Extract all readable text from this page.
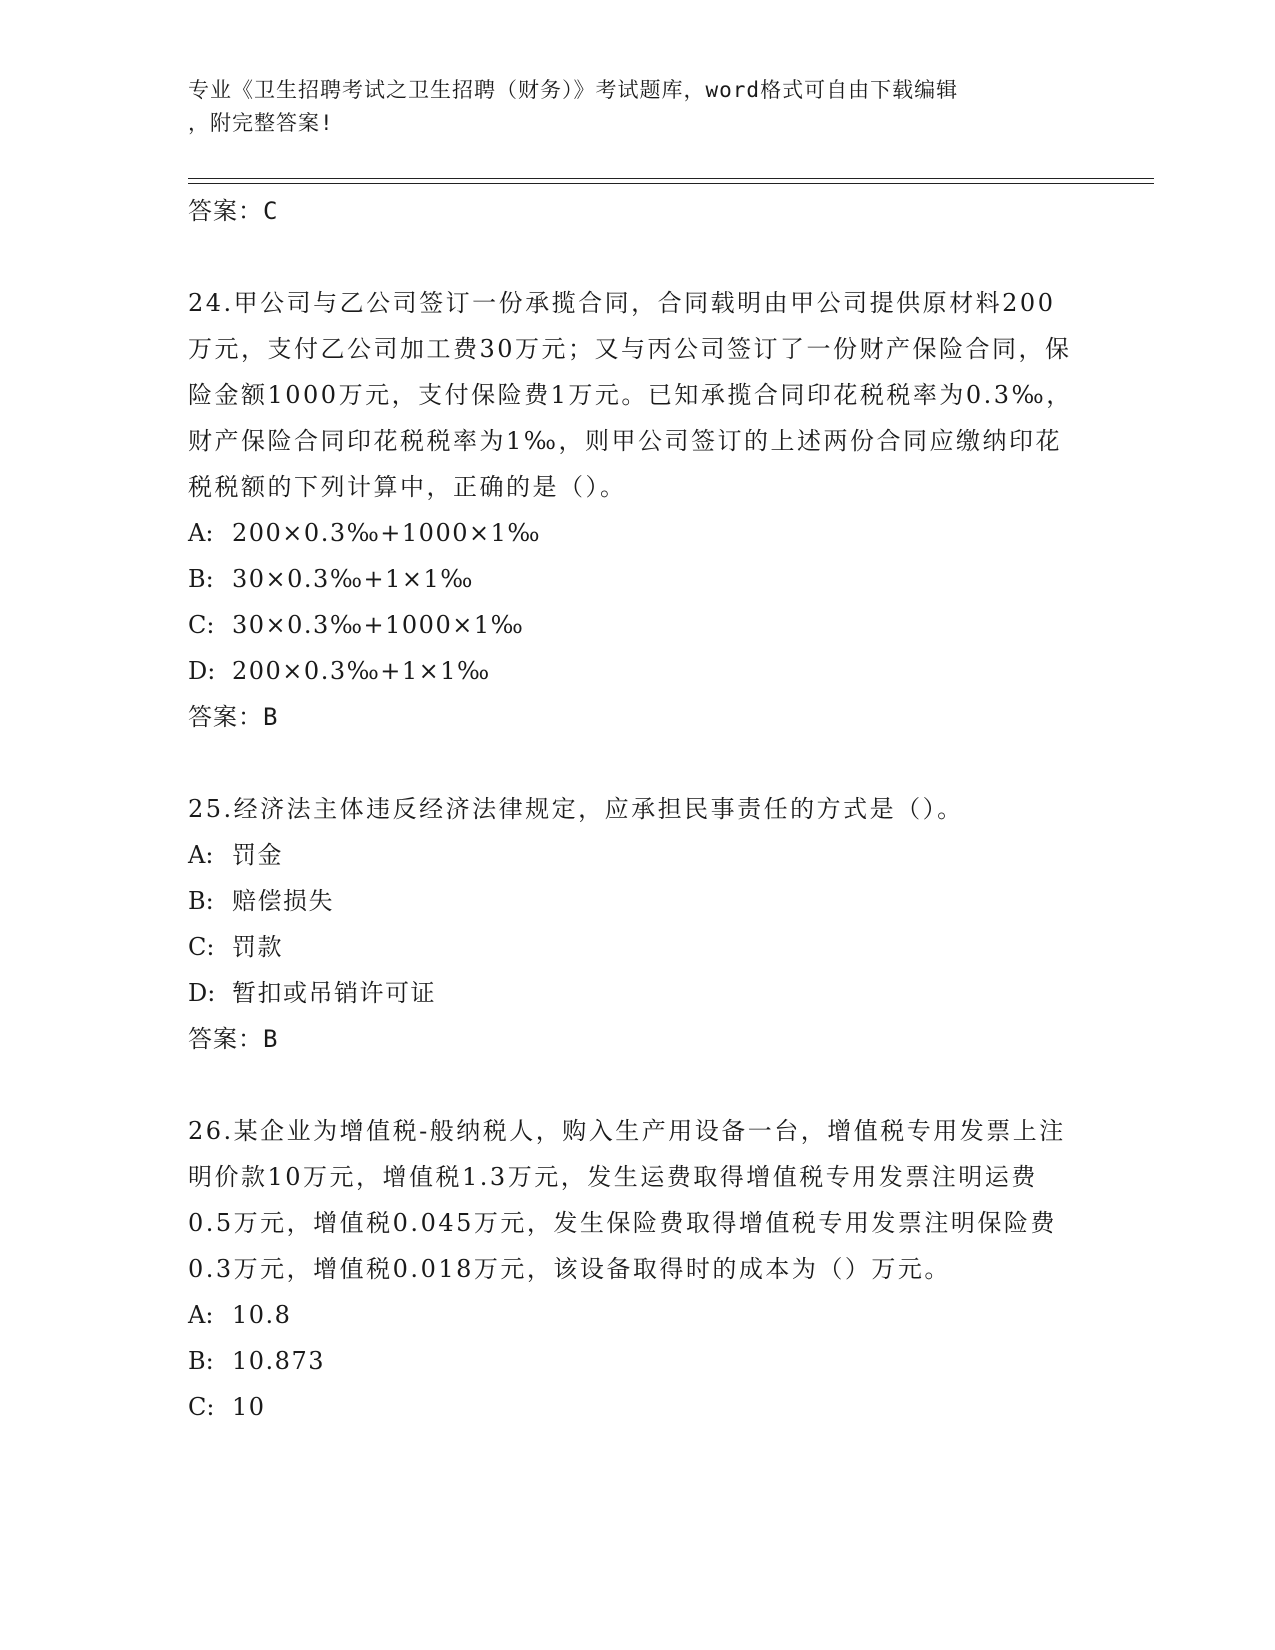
专业《卫生招聘考试之卫生招聘（财务）》考试题库，word格式可自由下载编辑
，附完整答案!
答案：C
24.甲公司与乙公司签订一份承揽合同，合同载明由甲公司提供原材料200万元，支付乙公司加工费30万元；又与丙公司签订了一份财产保险合同，保险金额1000万元，支付保险费1万元。已知承揽合同印花税税率为0.3‰，财产保险合同印花税税率为1‰，则甲公司签订的上述两份合同应缴纳印花税税额的下列计算中，正确的是（）。
A: 200×0.3‰+1000×1‰
B: 30×0.3‰+1×1‰
C: 30×0.3‰+1000×1‰
D: 200×0.3‰+1×1‰
答案：B
25.经济法主体违反经济法律规定，应承担民事责任的方式是（）。
A: 罚金
B: 赔偿损失
C: 罚款
D: 暂扣或吊销许可证
答案：B
26.某企业为增值税-般纳税人，购入生产用设备一台，增值税专用发票上注明价款10万元，增值税1.3万元，发生运费取得增值税专用发票注明运费0.5万元，增值税0.045万元，发生保险费取得增值税专用发票注明保险费0.3万元，增值税0.018万元，该设备取得时的成本为（）万元。
A: 10.8
B: 10.873
C: 10
